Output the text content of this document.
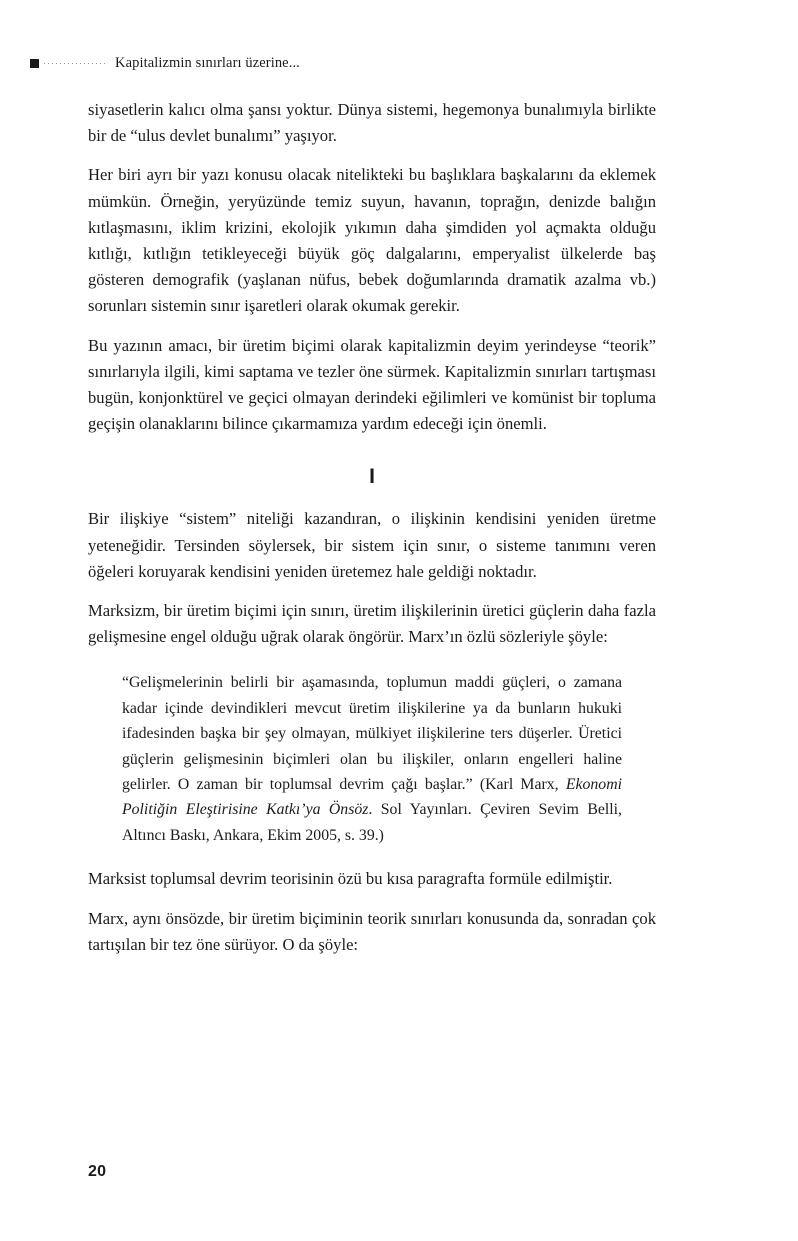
Kapitalizmin sınırları üzerine...

siyasetlerin kalıcı olma şansı yoktur. Dünya sistemi, hegemonya bunalımıyla birlikte bir de “ulus devlet bunalımı” yaşıyor.

Her biri ayrı bir yazı konusu olacak nitelikteki bu başlıklara başkalarını da eklemek mümkün. Örneğin, yeryüzünde temiz suyun, havanın, toprağın, denizde balığın kıtlaşmasını, iklim krizini, ekolojik yıkımın daha şimdiden yol açmakta olduğu kıtlığı, kıtlığın tetikleyeceği büyük göç dalgalarını, emperyalist ülkelerde baş gösteren demografik (yaşlanan nüfus, bebek doğumlarında dramatik azalma vb.) sorunları sistemin sınır işaretleri olarak okumak gerekir.

Bu yazının amacı, bir üretim biçimi olarak kapitalizmin deyim yerindeyse “teorik” sınırlarıyla ilgili, kimi saptama ve tezler öne sürmek. Kapitalizmin sınırları tartışması bugün, konjonktürel ve geçici olmayan derindeki eğilimleri ve komünist bir topluma geçişin olanaklarını bilince çıkarmamıza yardım edeceği için önemli.

I

Bir ilişkiye “sistem” niteliği kazandıran, o ilişkinin kendisini yeniden üretme yeteneğidir. Tersinden söylersek, bir sistem için sınır, o sisteme tanımını veren öğeleri koruyarak kendisini yeniden üretemez hale geldiği noktadır.

Marksizm, bir üretim biçimi için sınırı, üretim ilişkilerinin üretici güçlerin daha fazla gelişmesine engel olduğu uğrak olarak öngörür. Marx’ın özlü sözleriyle şöyle:

“Gelişmelerinin belirli bir aşamasında, toplumun maddi güçleri, o zamana kadar içinde devindikleri mevcut üretim ilişkilerine ya da bunların hukuki ifadesinden başka bir şey olmayan, mülkiyet ilişkilerine ters düşerler. Üretici güçlerin gelişmesinin biçimleri olan bu ilişkiler, onların engelleri haline gelirler. O zaman bir toplumsal devrim çağı başlar.” (Karl Marx, Ekonomi Politiğin Eleştirisine Katkı’ya Önsöz. Sol Yayınları. Çeviren Sevim Belli, Altıncı Baskı, Ankara, Ekim 2005, s. 39.)

Marksist toplumsal devrim teorisinin özü bu kısa paragrafta formüle edilmiştir.

Marx, aynı önsözde, bir üretim biçiminin teorik sınırları konusunda da, sonradan çok tartışılan bir tez öne sürüyor. O da şöyle:

20
